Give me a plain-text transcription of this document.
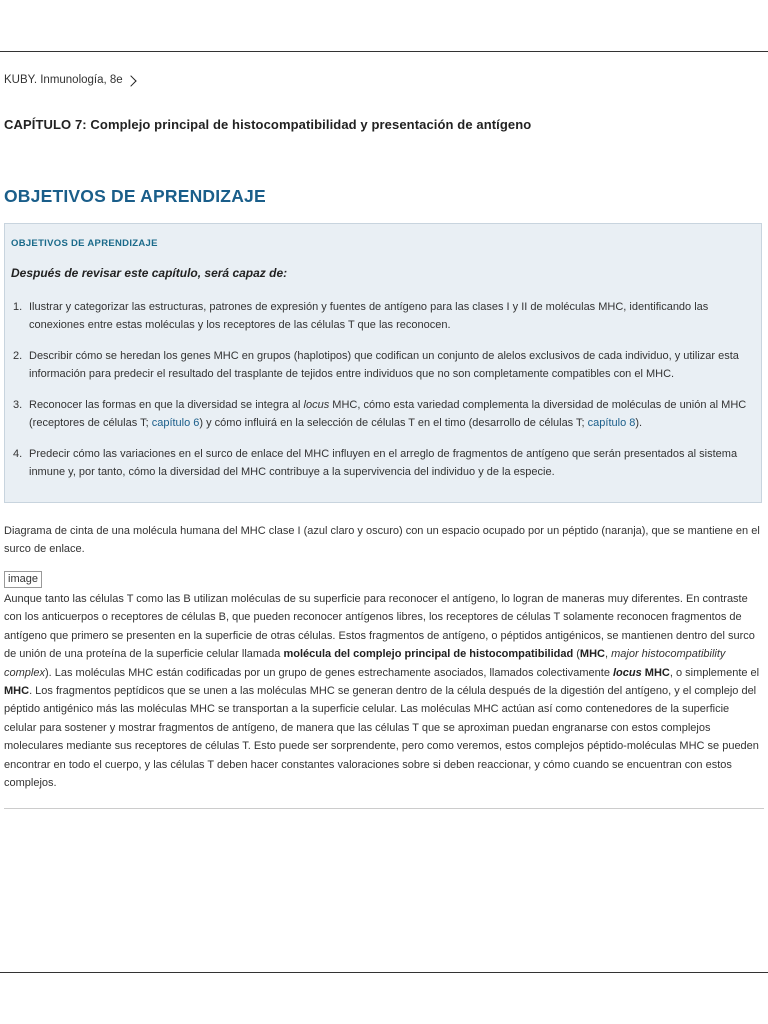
KUBY. Inmunología, 8e
CAPÍTULO 7: Complejo principal de histocompatibilidad y presentación de antígeno
OBJETIVOS DE APRENDIZAJE
OBJETIVOS DE APRENDIZAJE
Después de revisar este capítulo, será capaz de:
1. Ilustrar y categorizar las estructuras, patrones de expresión y fuentes de antígeno para las clases I y II de moléculas MHC, identificando las conexiones entre estas moléculas y los receptores de las células T que las reconocen.
2. Describir cómo se heredan los genes MHC en grupos (haplotipos) que codifican un conjunto de alelos exclusivos de cada individuo, y utilizar esta información para predecir el resultado del trasplante de tejidos entre individuos que no son completamente compatibles con el MHC.
3. Reconocer las formas en que la diversidad se integra al locus MHC, cómo esta variedad complementa la diversidad de moléculas de unión al MHC (receptores de células T; capítulo 6) y cómo influirá en la selección de células T en el timo (desarrollo de células T; capítulo 8).
4. Predecir cómo las variaciones en el surco de enlace del MHC influyen en el arreglo de fragmentos de antígeno que serán presentados al sistema inmune y, por tanto, cómo la diversidad del MHC contribuye a la supervivencia del individuo y de la especie.
Diagrama de cinta de una molécula humana del MHC clase I (azul claro y oscuro) con un espacio ocupado por un péptido (naranja), que se mantiene en el surco de enlace.
image
Aunque tanto las células T como las B utilizan moléculas de su superficie para reconocer el antígeno, lo logran de maneras muy diferentes. En contraste con los anticuerpos o receptores de células B, que pueden reconocer antígenos libres, los receptores de células T solamente reconocen fragmentos de antígeno que primero se presenten en la superficie de otras células. Estos fragmentos de antígeno, o péptidos antigénicos, se mantienen dentro del surco de unión de una proteína de la superficie celular llamada molécula del complejo principal de histocompatibilidad (MHC, major histocompatibility complex). Las moléculas MHC están codificadas por un grupo de genes estrechamente asociados, llamados colectivamente locus MHC, o simplemente el MHC. Los fragmentos peptídicos que se unen a las moléculas MHC se generan dentro de la célula después de la digestión del antígeno, y el complejo del péptido antigénico más las moléculas MHC se transportan a la superficie celular. Las moléculas MHC actúan así como contenedores de la superficie celular para sostener y mostrar fragmentos de antígeno, de manera que las células T que se aproximan puedan engranarse con estos complejos moleculares mediante sus receptores de células T. Esto puede ser sorprendente, pero como veremos, estos complejos péptido-moléculas MHC se pueden encontrar en todo el cuerpo, y las células T deben hacer constantes valoraciones sobre si deben reaccionar, y cómo cuando se encuentran con estos complejos.
